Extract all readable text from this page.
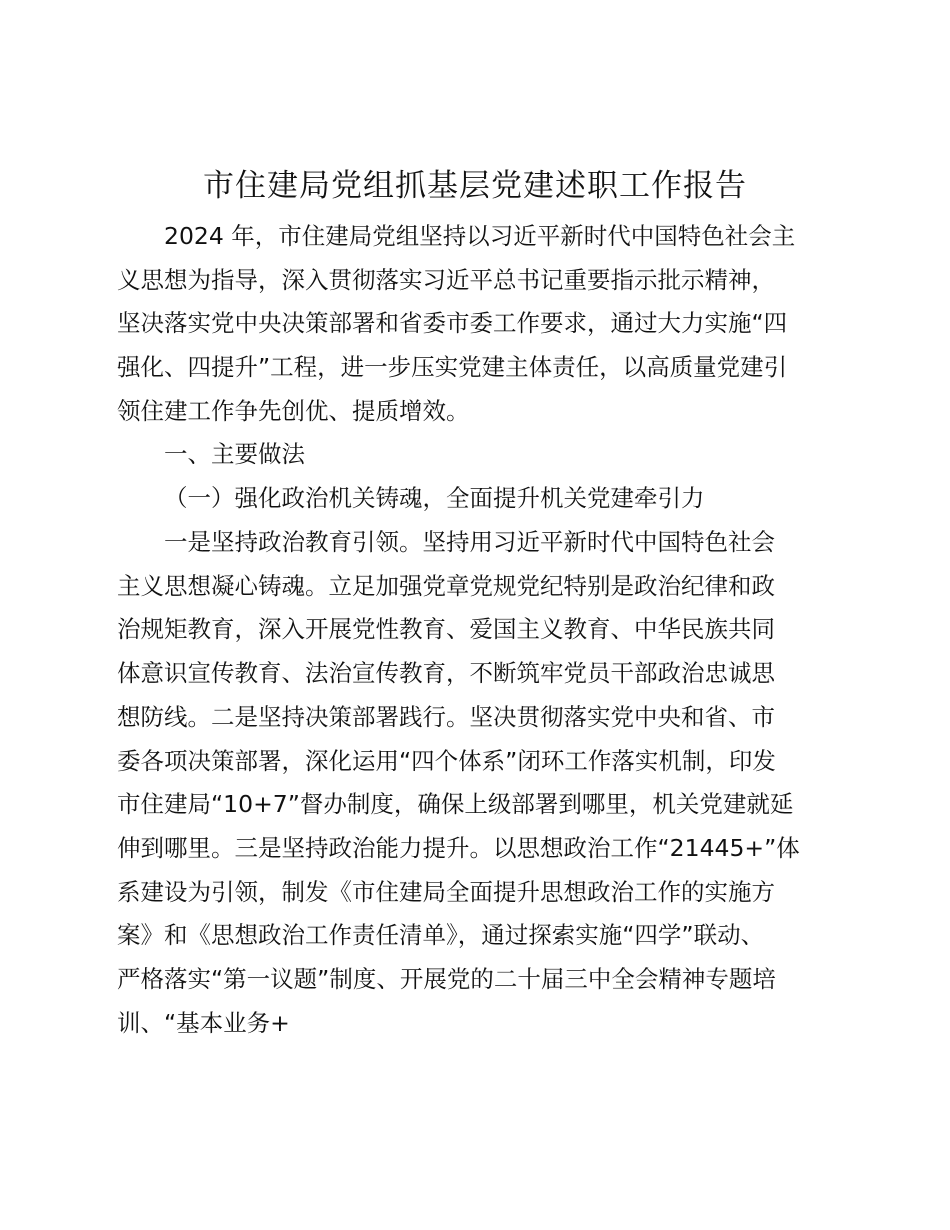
市住建局党组抓基层党建述职工作报告
2024 年，市住建局党组坚持以习近平新时代中国特色社会主
义思想为指导，深入贯彻落实习近平总书记重要指示批示精神，
坚决落实党中央决策部署和省委市委工作要求，通过大力实施“四
强化、四提升”工程，进一步压实党建主体责任，以高质量党建引
领住建工作争先创优、提质增效。
一、主要做法
（一）强化政治机关铸魂，全面提升机关党建牵引力
一是坚持政治教育引领。坚持用习近平新时代中国特色社会
主义思想凝心铸魂。立足加强党章党规党纪特别是政治纪律和政
治规矩教育，深入开展党性教育、爱国主义教育、中华民族共同
体意识宣传教育、法治宣传教育，不断筑牢党员干部政治忠诚思
想防线。二是坚持决策部署践行。坚决贯彻落实党中央和省、市
委各项决策部署，深化运用“四个体系”闭环工作落实机制，印发
市住建局“10+7”督办制度，确保上级部署到哪里，机关党建就延
伸到哪里。三是坚持政治能力提升。以思想政治工作“21445+”体
系建设为引领，制发《市住建局全面提升思想政治工作的实施方
案》和《思想政治工作责任清单》，通过探索实施“四学”联动、
严格落实“第一议题”制度、开展党的二十届三中全会精神专题培
训、“基本业务+
